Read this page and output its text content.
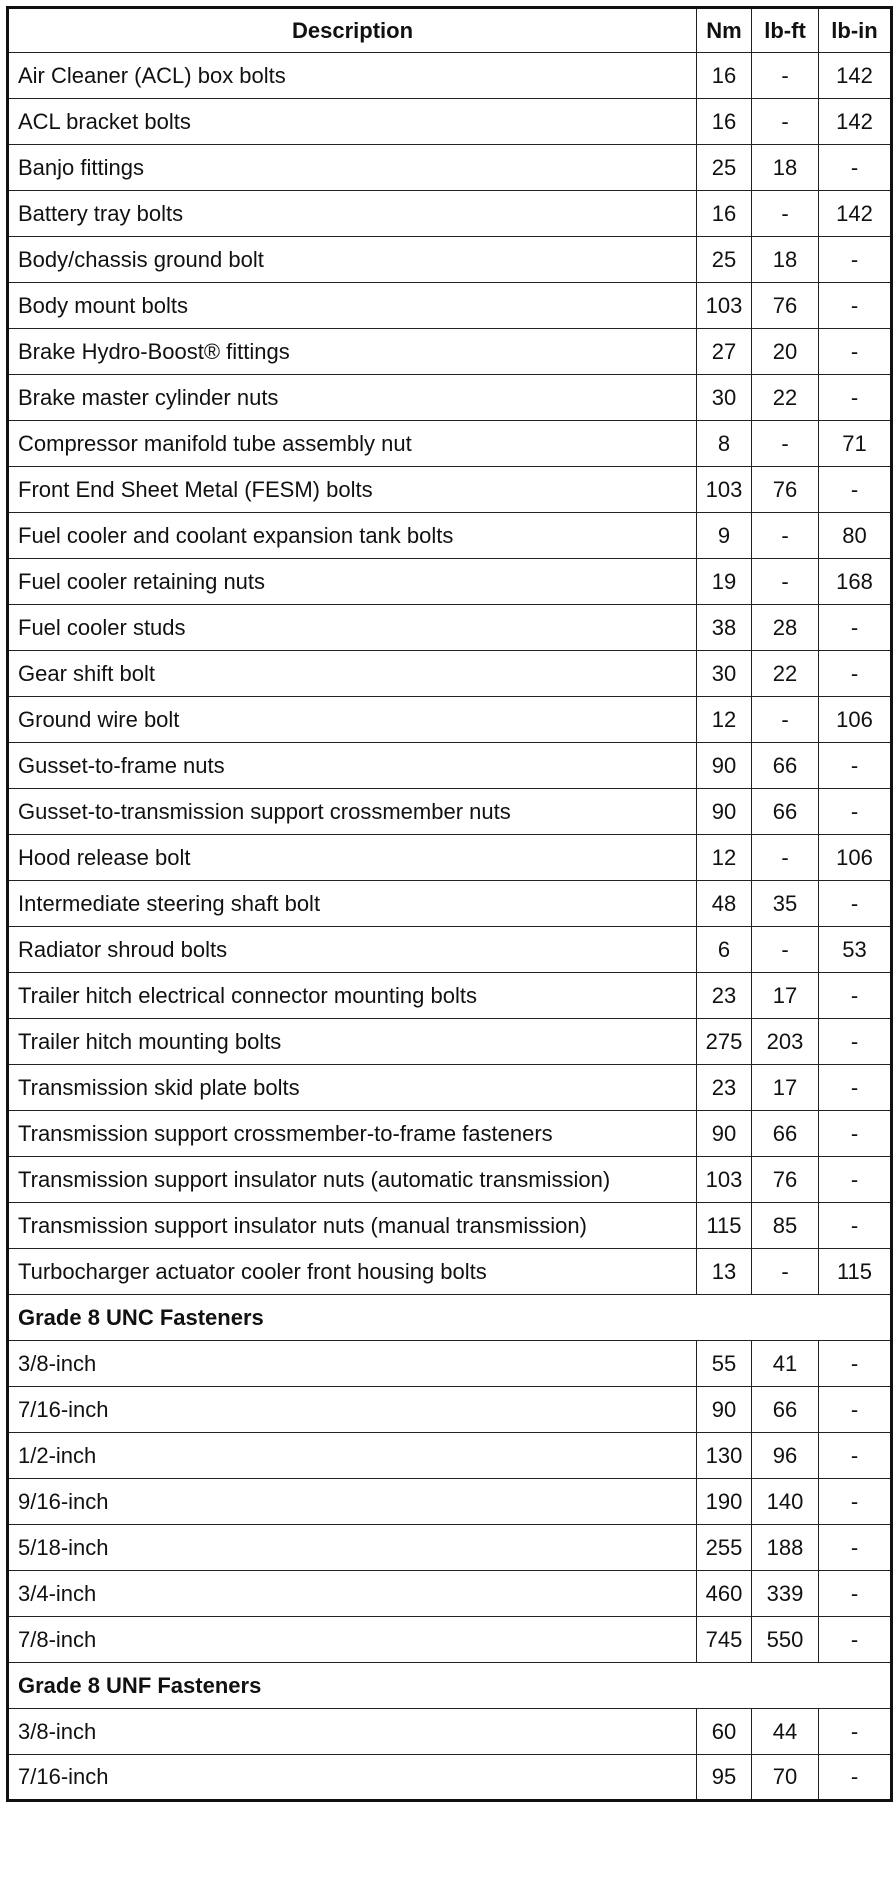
Description	Nm	lb-ft	lb-in
Air Cleaner (ACL) box bolts	16	-	142
ACL bracket bolts	16	-	142
Banjo fittings	25	18	-
Battery tray bolts	16	-	142
Body/chassis ground bolt	25	18	-
Body mount bolts	103	76	-
Brake Hydro-Boost® fittings	27	20	-
Brake master cylinder nuts	30	22	-
Compressor manifold tube assembly nut	8	-	71
Front End Sheet Metal (FESM) bolts	103	76	-
Fuel cooler and coolant expansion tank bolts	9	-	80
Fuel cooler retaining nuts	19	-	168
Fuel cooler studs	38	28	-
Gear shift bolt	30	22	-
Ground wire bolt	12	-	106
Gusset-to-frame nuts	90	66	-
Gusset-to-transmission support crossmember nuts	90	66	-
Hood release bolt	12	-	106
Intermediate steering shaft bolt	48	35	-
Radiator shroud bolts	6	-	53
Trailer hitch electrical connector mounting bolts	23	17	-
Trailer hitch mounting bolts	275	203	-
Transmission skid plate bolts	23	17	-
Transmission support crossmember-to-frame fasteners	90	66	-
Transmission support insulator nuts (automatic transmission)	103	76	-
Transmission support insulator nuts (manual transmission)	115	85	-
Turbocharger actuator cooler front housing bolts	13	-	115
Grade 8 UNC Fasteners			
3/8-inch	55	41	-
7/16-inch	90	66	-
1/2-inch	130	96	-
9/16-inch	190	140	-
5/18-inch	255	188	-
3/4-inch	460	339	-
7/8-inch	745	550	-
Grade 8 UNF Fasteners			
3/8-inch	60	44	-
7/16-inch	95	70	-
